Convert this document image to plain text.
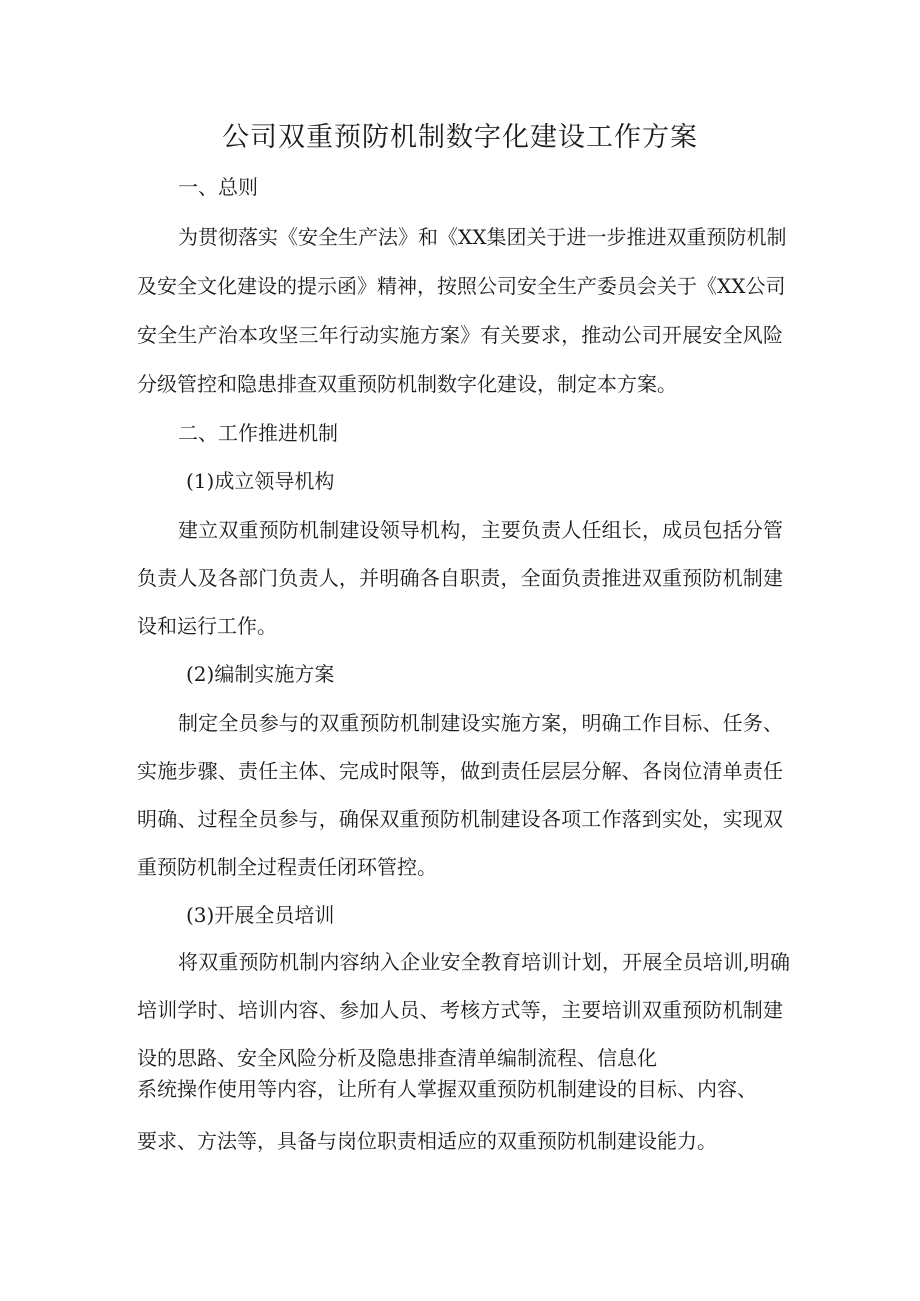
公司双重预防机制数字化建设工作方案

一、总则

为贯彻落实《安全生产法》和《XX集团关于进一步推进双重预防机制

及安全文化建设的提示函》精神，按照公司安全生产委员会关于《XX公司

安全生产治本攻坚三年行动实施方案》有关要求，推动公司开展安全风险

分级管控和隐患排查双重预防机制数字化建设，制定本方案。

二、工作推进机制

(1)成立领导机构

建立双重预防机制建设领导机构，主要负责人任组长，成员包括分管

负责人及各部门负责人，并明确各自职责，全面负责推进双重预防机制建

设和运行工作。

(2)编制实施方案

制定全员参与的双重预防机制建设实施方案，明确工作目标、任务、

实施步骤、责任主体、完成时限等，做到责任层层分解、各岗位清单责任

明确、过程全员参与，确保双重预防机制建设各项工作落到实处，实现双

重预防机制全过程责任闭环管控。

(3)开展全员培训

将双重预防机制内容纳入企业安全教育培训计划，开展全员培训,明确

培训学时、培训内容、参加人员、考核方式等，主要培训双重预防机制建

设的思路、安全风险分析及隐患排查清单编制流程、信息化

系统操作使用等内容，让所有人掌握双重预防机制建设的目标、内容、

要求、方法等，具备与岗位职责相适应的双重预防机制建设能力。
